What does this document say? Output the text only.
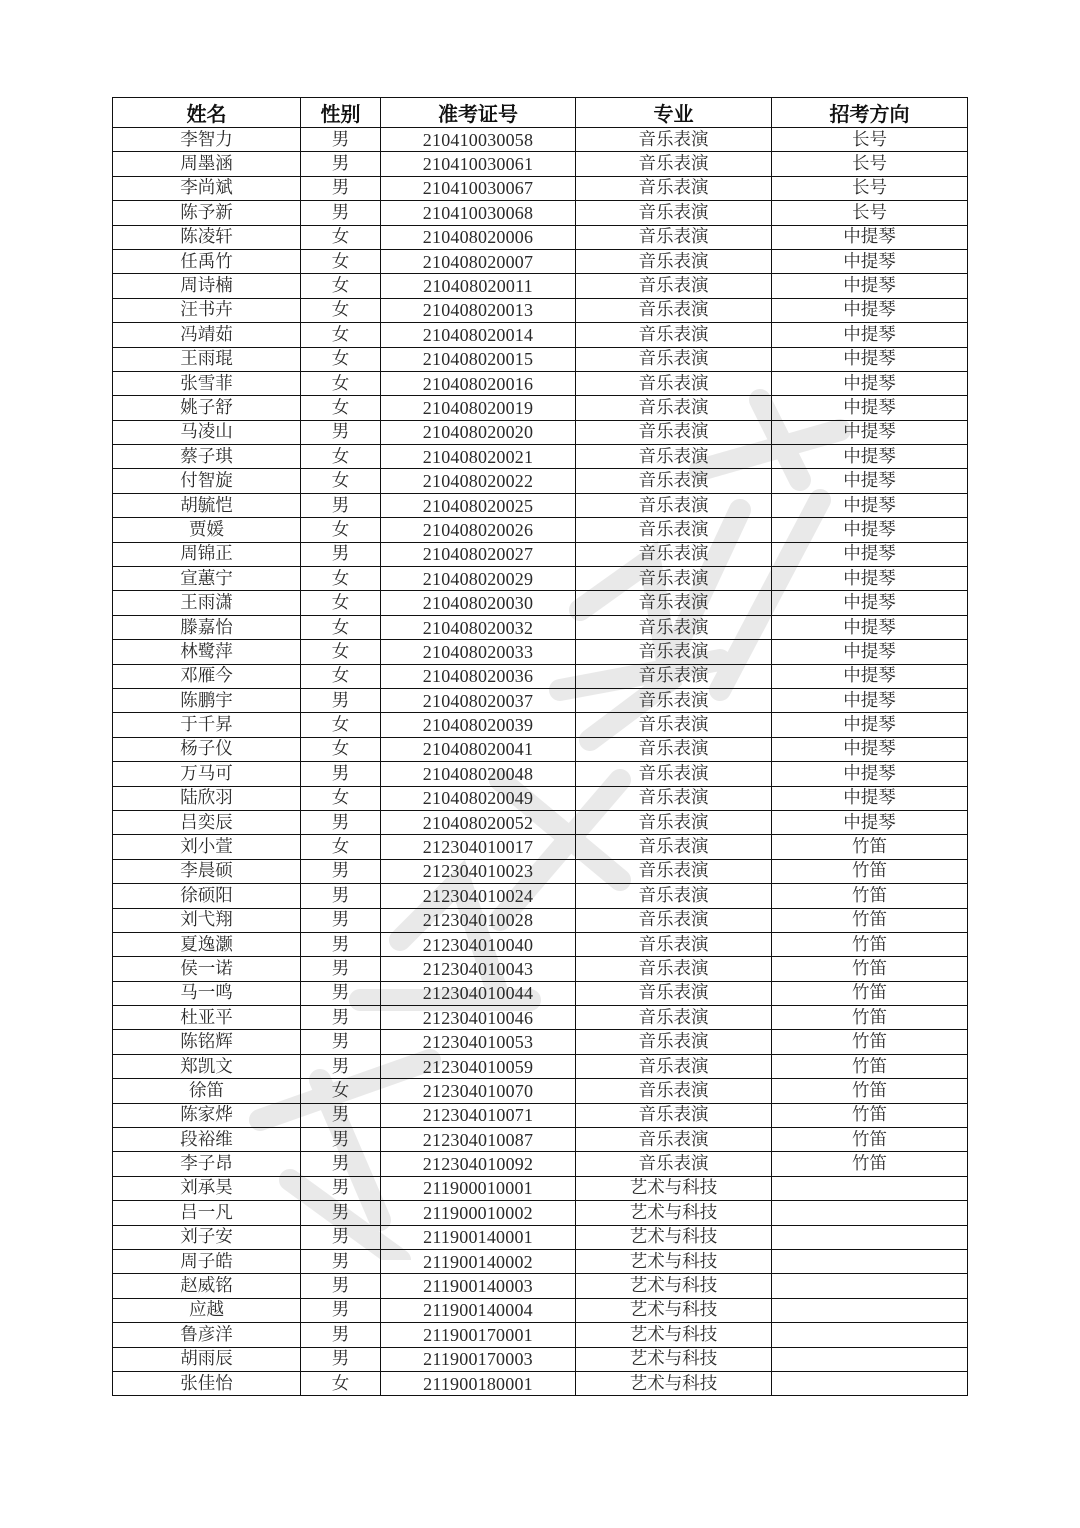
姓名	性别	准考证号	专业	招考方向
李智力	男	210410030058	音乐表演	长号
周墨涵	男	210410030061	音乐表演	长号
李尚斌	男	210410030067	音乐表演	长号
陈予新	男	210410030068	音乐表演	长号
陈凌轩	女	210408020006	音乐表演	中提琴
任禹竹	女	210408020007	音乐表演	中提琴
周诗楠	女	210408020011	音乐表演	中提琴
汪书卉	女	210408020013	音乐表演	中提琴
冯靖茹	女	210408020014	音乐表演	中提琴
王雨琨	女	210408020015	音乐表演	中提琴
张雪菲	女	210408020016	音乐表演	中提琴
姚子舒	女	210408020019	音乐表演	中提琴
马凌山	男	210408020020	音乐表演	中提琴
蔡子琪	女	210408020021	音乐表演	中提琴
付智旋	女	210408020022	音乐表演	中提琴
胡毓恺	男	210408020025	音乐表演	中提琴
贾媛	女	210408020026	音乐表演	中提琴
周锦正	男	210408020027	音乐表演	中提琴
宣蕙宁	女	210408020029	音乐表演	中提琴
王雨潇	女	210408020030	音乐表演	中提琴
滕嘉怡	女	210408020032	音乐表演	中提琴
林鹭萍	女	210408020033	音乐表演	中提琴
邓雁今	女	210408020036	音乐表演	中提琴
陈鹏宇	男	210408020037	音乐表演	中提琴
于千昇	女	210408020039	音乐表演	中提琴
杨子仪	女	210408020041	音乐表演	中提琴
万马可	男	210408020048	音乐表演	中提琴
陆欣羽	女	210408020049	音乐表演	中提琴
吕奕辰	男	210408020052	音乐表演	中提琴
刘小萱	女	212304010017	音乐表演	竹笛
李晨硕	男	212304010023	音乐表演	竹笛
徐硕阳	男	212304010024	音乐表演	竹笛
刘弋翔	男	212304010028	音乐表演	竹笛
夏逸灏	男	212304010040	音乐表演	竹笛
侯一诺	男	212304010043	音乐表演	竹笛
马一鸣	男	212304010044	音乐表演	竹笛
杜亚平	男	212304010046	音乐表演	竹笛
陈铭辉	男	212304010053	音乐表演	竹笛
郑凯文	男	212304010059	音乐表演	竹笛
徐笛	女	212304010070	音乐表演	竹笛
陈家烨	男	212304010071	音乐表演	竹笛
段裕维	男	212304010087	音乐表演	竹笛
李子昂	男	212304010092	音乐表演	竹笛
刘承昊	男	211900010001	艺术与科技	
吕一凡	男	211900010002	艺术与科技	
刘子安	男	211900140001	艺术与科技	
周子皓	男	211900140002	艺术与科技	
赵威铭	男	211900140003	艺术与科技	
应越	男	211900140004	艺术与科技	
鲁彦洋	男	211900170001	艺术与科技	
胡雨辰	男	211900170003	艺术与科技	
张佳怡	女	211900180001	艺术与科技	
